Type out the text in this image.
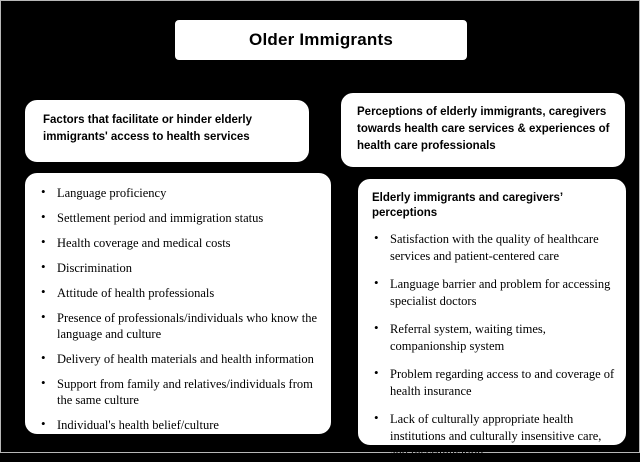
Older Immigrants
Factors that facilitate or hinder elderly immigrants' access to health services
Perceptions of elderly immigrants, caregivers towards health care services & experiences of health care professionals
• Language proficiency
• Settlement period and immigration status
• Health coverage and medical costs
• Discrimination
• Attitude of health professionals
• Presence of professionals/individuals who know the language and culture
• Delivery of health materials and health information
• Support from family and relatives/individuals from the same culture
• Individual's health belief/culture
Elderly immigrants and caregivers’ perceptions
• Satisfaction with the quality of healthcare services and patient-centered care
• Language barrier and problem for accessing specialist doctors
• Referral system, waiting times, companionship system
• Problem regarding access to and coverage of health insurance
• Lack of culturally appropriate health institutions and culturally insensitive care, and discrimination
